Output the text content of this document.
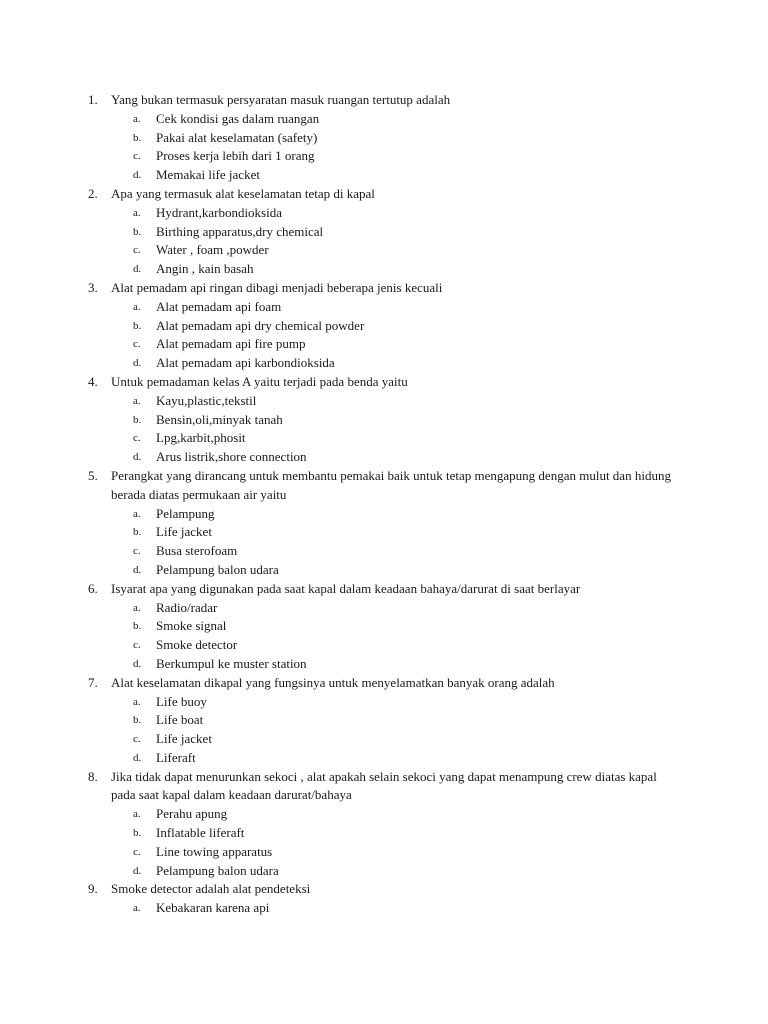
1. Yang bukan termasuk persyaratan masuk ruangan tertutup adalah
a. Cek kondisi gas dalam ruangan
b. Pakai alat keselamatan (safety)
c. Proses kerja lebih dari 1 orang
d. Memakai life jacket
2. Apa yang termasuk alat keselamatan tetap di kapal
a. Hydrant,karbondioksida
b. Birthing apparatus,dry chemical
c. Water , foam ,powder
d. Angin , kain basah
3. Alat pemadam api ringan dibagi menjadi beberapa jenis kecuali
a. Alat pemadam api foam
b. Alat pemadam api dry chemical powder
c. Alat pemadam api fire pump
d. Alat pemadam api karbondioksida
4. Untuk pemadaman kelas A yaitu terjadi pada benda yaitu
a. Kayu,plastic,tekstil
b. Bensin,oli,minyak tanah
c. Lpg,karbit,phosit
d. Arus listrik,shore connection
5. Perangkat yang dirancang untuk membantu pemakai baik untuk tetap mengapung dengan mulut dan hidung berada diatas permukaan air yaitu
a. Pelampung
b. Life jacket
c. Busa sterofoam
d. Pelampung balon udara
6. Isyarat apa yang digunakan pada saat kapal dalam keadaan bahaya/darurat di saat berlayar
a. Radio/radar
b. Smoke signal
c. Smoke detector
d. Berkumpul ke muster station
7. Alat keselamatan dikapal yang fungsinya untuk menyelamatkan banyak orang adalah
a. Life buoy
b. Life boat
c. Life jacket
d. Liferaft
8. Jika tidak dapat menurunkan sekoci , alat apakah selain sekoci yang dapat menampung crew diatas kapal pada saat kapal dalam keadaan darurat/bahaya
a. Perahu apung
b. Inflatable liferaft
c. Line towing apparatus
d. Pelampung balon udara
9. Smoke detector adalah alat pendeteksi
a. Kebakaran karena api
